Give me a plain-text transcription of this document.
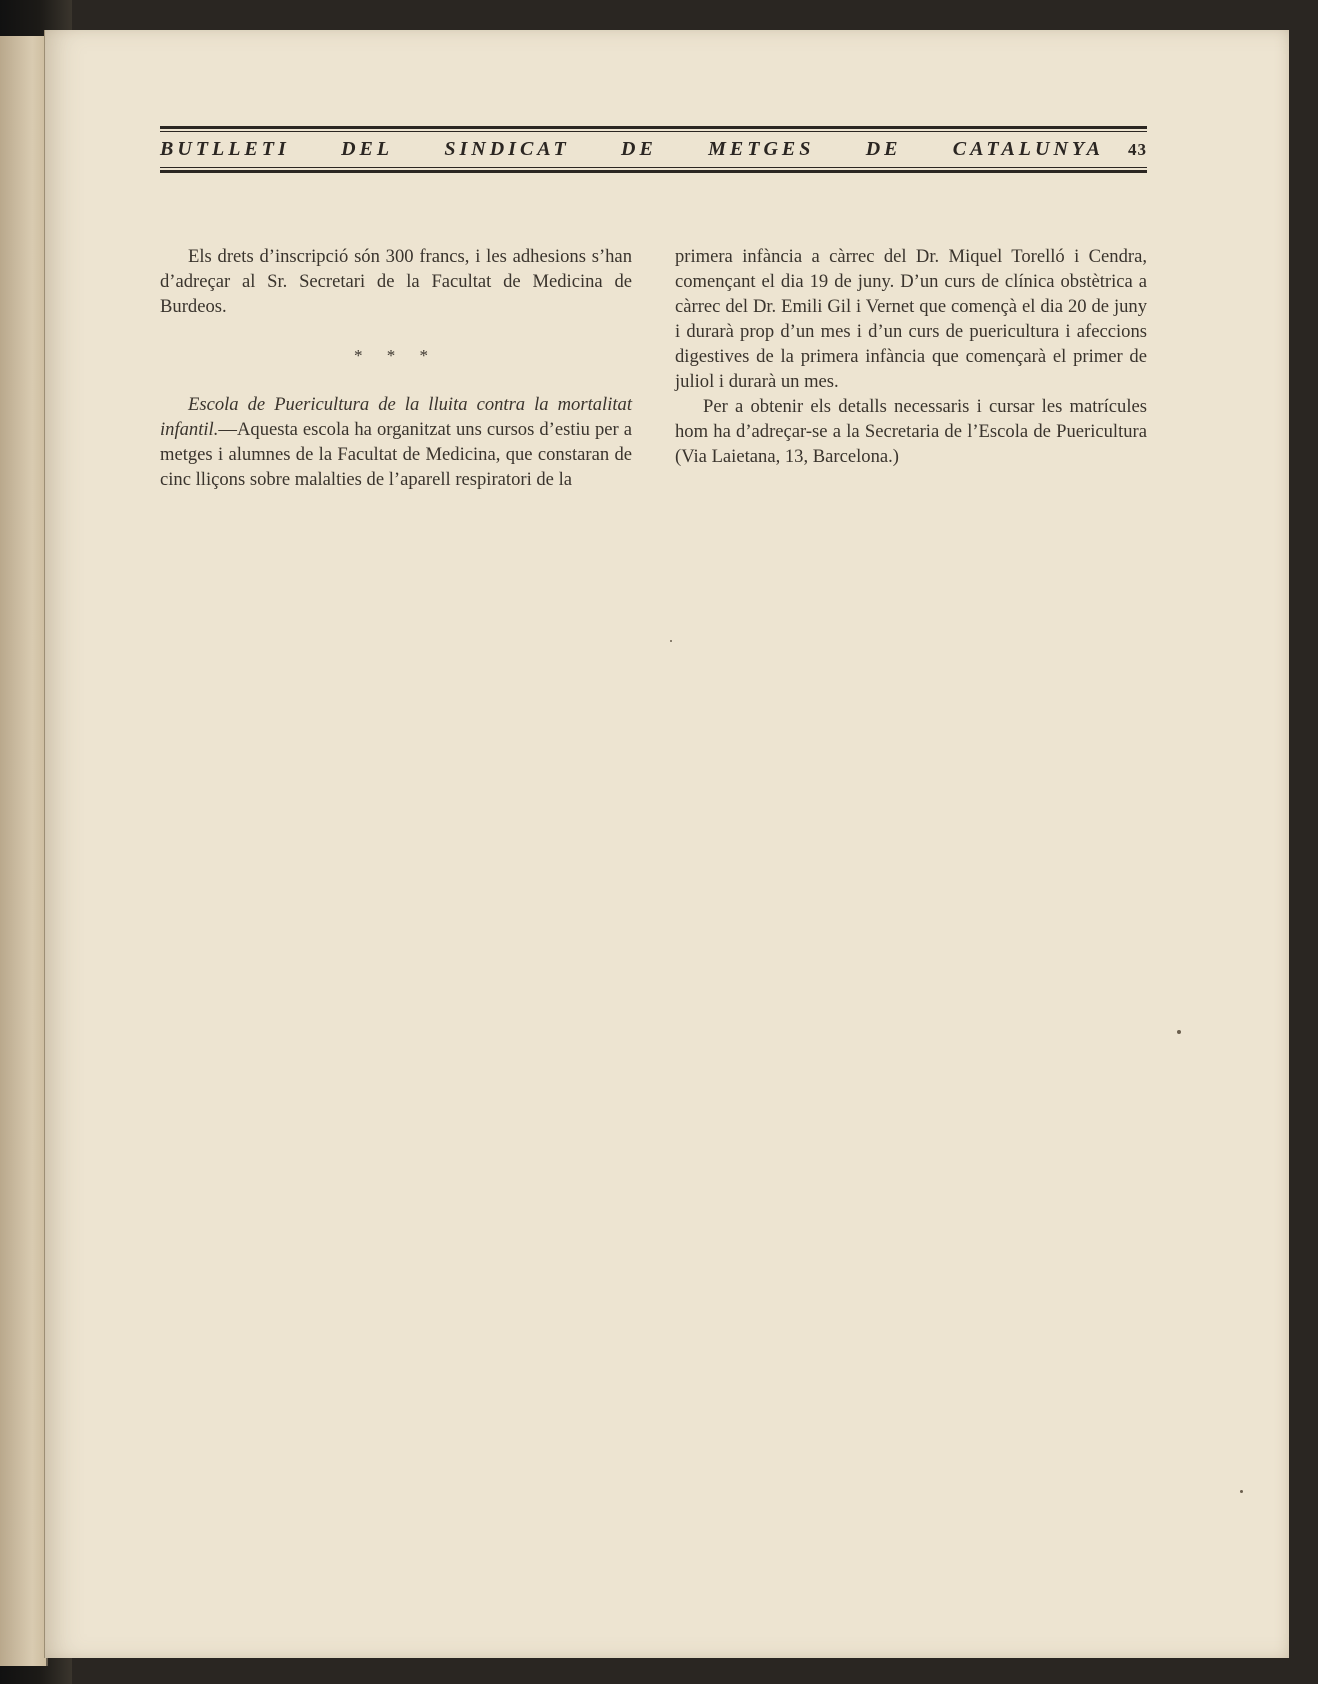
BUTLLETI	DEL	SINDICAT	DE	METGES	DE	CATALUNYA 43

Els drets d’inscripció són 300 francs, i les adhesions s’han d’adreçar al Sr. Secretari de la Facultat de Medicina de Burdeos.

* * *

Escola de Puericultura de la lluita contra la mortalitat infantil.—Aquesta escola ha organitzat uns cursos d’estiu per a metges i alumnes de la Facultat de Medicina, que constaran de cinc lliçons sobre malalties de l’aparell respiratori de la

primera infància a càrrec del Dr. Miquel Torelló i Cendra, començant el dia 19 de juny. D’un curs de clínica obstètrica a càrrec del Dr. Emili Gil i Vernet que començà el dia 20 de juny i durarà prop d’un mes i d’un curs de puericultura i afeccions digestives de la primera infància que començarà el primer de juliol i durarà un mes.

Per a obtenir els detalls necessaris i cursar les matrícules hom ha d’adreçar-se a la Secretaria de l’Escola de Puericultura (Via Laietana, 13, Barcelona.)
